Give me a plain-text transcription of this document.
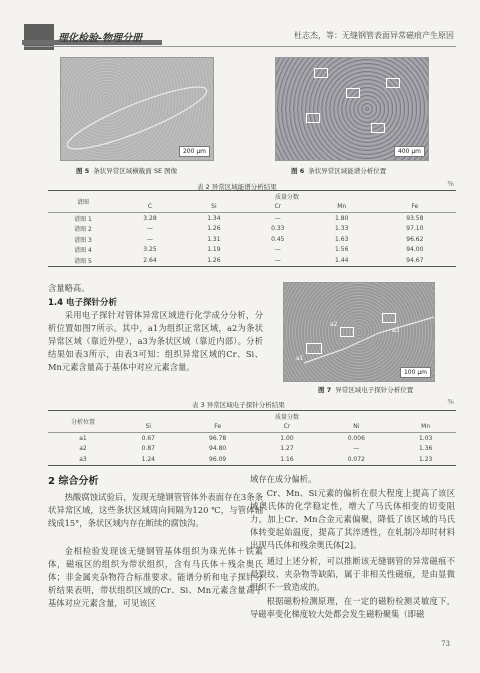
理化检验-物理分册	杜志杰，等：无缝钢管表面异常磁痕产生原因
200 μm
图 5 条状异常区域横截面 SE 图像
400 μm
图 6 条状异常区域能谱分析位置
表 2 异常区域能谱分析结果	%
谱图	质量分数				
	C	Si	Cr	Mn	Fe
谱图 1	3.28	1.34	—	1.80	93.58
谱图 2	—	1.26	0.33	1.33	97.10
谱图 3	—	1.31	0.45	1.63	96.62
谱图 4	3.25	1.19	—	1.56	94.00
谱图 5	2.64	1.26	—	1.44	94.67
含量略高。
1.4 电子探针分析
采用电子探针对管体异常区域进行化学成分分析，分析位置如图7所示。其中，a1为组织正常区域，a2为条状异常区域（靠近外壁），a3为条状区域（靠近内部）。分析结果如表3所示，由表3可知：组织异常区域的Cr、Si、Mn元素含量高于基体中对应元素含量。
a1
a2
a3
100 μm
图 7 异常区域电子探针分析位置
表 3 异常区域电子探针分析结果	%
分析位置	质量分数				
	Si	Fe	Cr	Ni	Mn
a1	0.67	96.78	1.00	0.006	1.03
a2	0.87	94.80	1.27	—	1.36
a3	1.24	96.09	1.16	0.072	1.23
2 综合分析
热酸腐蚀试验后，发现无缝钢管管体外表面存在3条条状异常区域，这些条状区域周向间隔为120 ℃，与管体轴线成15°，条状区域内存在断续的腐蚀沟。
金相检验发现该无缝钢管基体组织为珠光体＋铁素体，磁痕区的组织为带状组织，含有马氏体＋残余奥氏体；非金属夹杂物符合标准要求。能谱分析和电子探针分析结果表明，带状组织区域的Cr、Si、Mn元素含量高于基体对应元素含量，可见该区
域存在成分偏析。
Cr、Mn、Si元素的偏析在很大程度上提高了该区域奥氏体的化学稳定性，增大了马氏体相变的切变阻力，加上Cr、Mn合金元素偏聚，降低了该区域的马氏体转变起始温度，提高了其淬透性，在轧制冷却时材料出现马氏体和残余奥氏体[2]。
通过上述分析，可以推断该无缝钢管的异常磁痕不是裂纹、夹杂物等缺陷，属于非相关性磁痕，是由显微组织不一致造成的。
根据磁粉检测原理，在一定的磁粉检测灵敏度下，导磁率变化梯度较大处都会发生磁粉聚集（即磁
73
